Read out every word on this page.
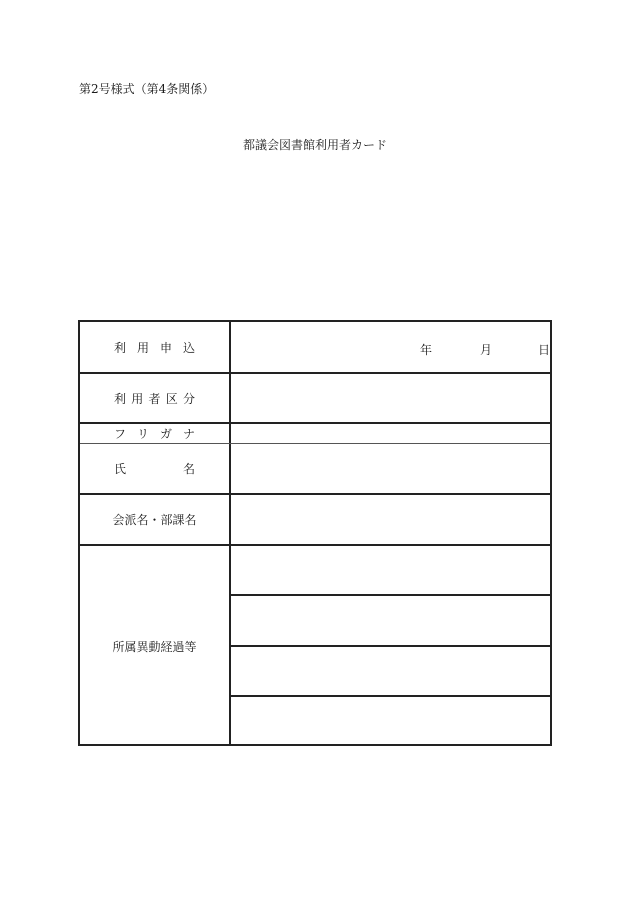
第2号様式（第4条関係）
都議会図書館利用者カード
利 用 申 込	年	月	日
利 用 者 区 分
フ リ ガ ナ
氏	名
会派名・部課名
所属異動経過等
